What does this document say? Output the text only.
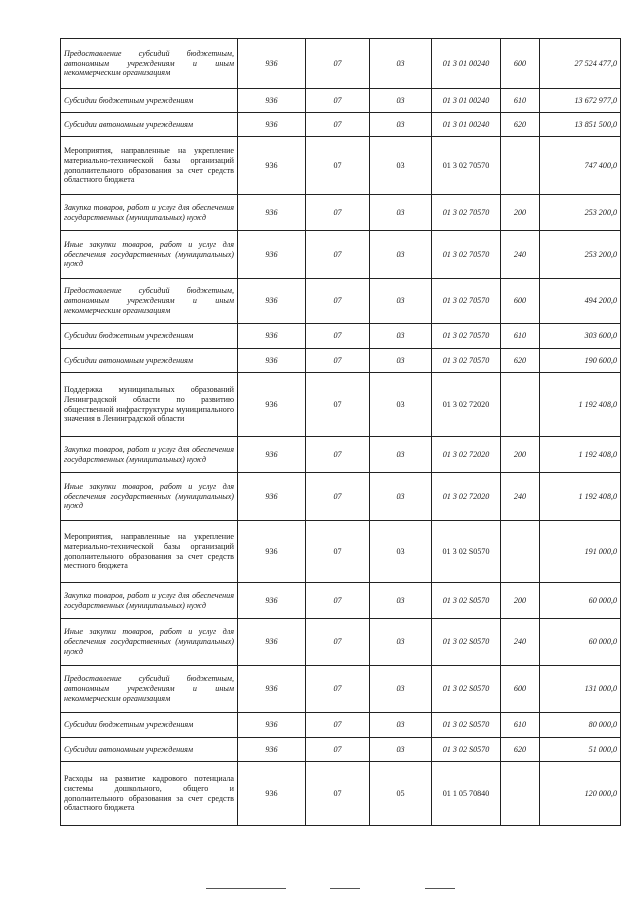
Предоставление субсидий бюджетным, автономным учреждениям и иным некоммерческим организациям	936	07	03	01 3 01 00240	600	27 524 477,0
Субсидии бюджетным учреждениям	936	07	03	01 3 01 00240	610	13 672 977,0
Субсидии автономным учреждениям	936	07	03	01 3 01 00240	620	13 851 500,0
Мероприятия, направленные на укрепление материально-технической базы организаций дополнительного образования за счет средств областного бюджета	936	07	03	01 3 02 70570		747 400,0
Закупка товаров, работ и услуг для обеспечения государственных (муниципальных) нужд	936	07	03	01 3 02 70570	200	253 200,0
Иные закупки товаров, работ и услуг для обеспечения государственных (муниципальных) нужд	936	07	03	01 3 02 70570	240	253 200,0
Предоставление субсидий бюджетным, автономным учреждениям и иным некоммерческим организациям	936	07	03	01 3 02 70570	600	494 200,0
Субсидии бюджетным учреждениям	936	07	03	01 3 02 70570	610	303 600,0
Субсидии автономным учреждениям	936	07	03	01 3 02 70570	620	190 600,0
Поддержка муниципальных образований Ленинградской области по развитию общественной инфраструктуры муниципального значения в Ленинградской области	936	07	03	01 3 02 72020		1 192 408,0
Закупка товаров, работ и услуг для обеспечения государственных (муниципальных) нужд	936	07	03	01 3 02 72020	200	1 192 408,0
Иные закупки товаров, работ и услуг для обеспечения государственных (муниципальных) нужд	936	07	03	01 3 02 72020	240	1 192 408,0
Мероприятия, направленные на укрепление материально-технической базы организаций дополнительного образования за счет средств местного бюджета	936	07	03	01 3 02 S0570		191 000,0
Закупка товаров, работ и услуг для обеспечения государственных (муниципальных) нужд	936	07	03	01 3 02 S0570	200	60 000,0
Иные закупки товаров, работ и услуг для обеспечения государственных (муниципальных) нужд	936	07	03	01 3 02 S0570	240	60 000,0
Предоставление субсидий бюджетным, автономным учреждениям и иным некоммерческим организациям	936	07	03	01 3 02 S0570	600	131 000,0
Субсидии бюджетным учреждениям	936	07	03	01 3 02 S0570	610	80 000,0
Субсидии автономным учреждениям	936	07	03	01 3 02 S0570	620	51 000,0
Расходы на развитие кадрового потенциала системы дошкольного, общего и дополнительного образования за счет средств областного бюджета	936	07	05	01 1 05 70840		120 000,0
